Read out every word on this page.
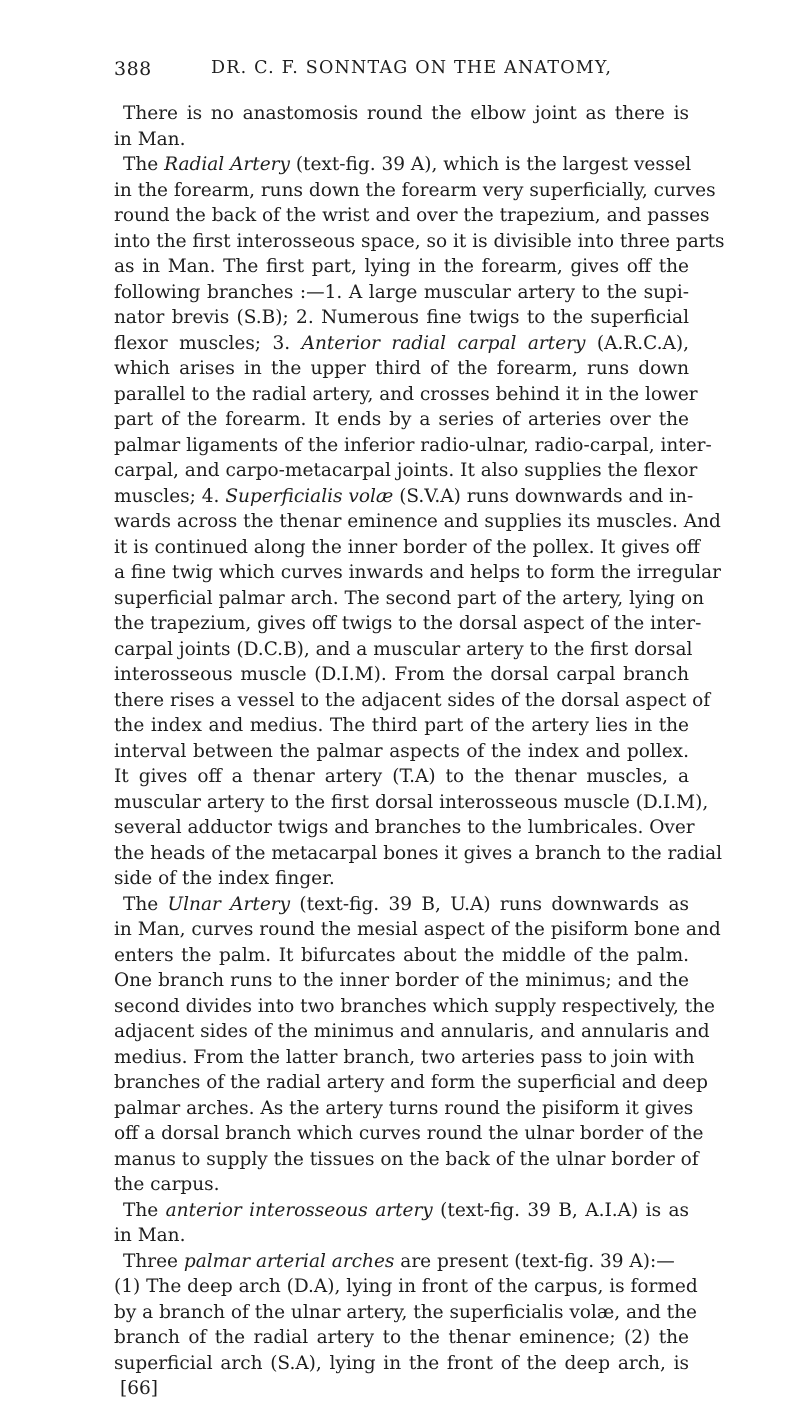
388	DR. C. F. SONNTAG ON THE ANATOMY,
There is no anastomosis round the elbow joint as there is
in Man.
The Radial Artery (text-fig. 39 A), which is the largest vessel
in the forearm, runs down the forearm very superficially, curves
round the back of the wrist and over the trapezium, and passes
into the first interosseous space, so it is divisible into three parts
as in Man. The first part, lying in the forearm, gives off the
following branches :—1. A large muscular artery to the supi-
nator brevis (S.B); 2. Numerous fine twigs to the superficial
flexor muscles; 3. Anterior radial carpal artery (A.R.C.A),
which arises in the upper third of the forearm, runs down
parallel to the radial artery, and crosses behind it in the lower
part of the forearm. It ends by a series of arteries over the
palmar ligaments of the inferior radio-ulnar, radio-carpal, inter-
carpal, and carpo-metacarpal joints. It also supplies the flexor
muscles; 4. Superficialis volæ (S.V.A) runs downwards and in-
wards across the thenar eminence and supplies its muscles. And
it is continued along the inner border of the pollex. It gives off
a fine twig which curves inwards and helps to form the irregular
superficial palmar arch. The second part of the artery, lying on
the trapezium, gives off twigs to the dorsal aspect of the inter-
carpal joints (D.C.B), and a muscular artery to the first dorsal
interosseous muscle (D.I.M). From the dorsal carpal branch
there rises a vessel to the adjacent sides of the dorsal aspect of
the index and medius. The third part of the artery lies in the
interval between the palmar aspects of the index and pollex.
It gives off a thenar artery (T.A) to the thenar muscles, a
muscular artery to the first dorsal interosseous muscle (D.I.M),
several adductor twigs and branches to the lumbricales. Over
the heads of the metacarpal bones it gives a branch to the radial
side of the index finger.
The Ulnar Artery (text-fig. 39 B, U.A) runs downwards as
in Man, curves round the mesial aspect of the pisiform bone and
enters the palm. It bifurcates about the middle of the palm.
One branch runs to the inner border of the minimus; and the
second divides into two branches which supply respectively, the
adjacent sides of the minimus and annularis, and annularis and
medius. From the latter branch, two arteries pass to join with
branches of the radial artery and form the superficial and deep
palmar arches. As the artery turns round the pisiform it gives
off a dorsal branch which curves round the ulnar border of the
manus to supply the tissues on the back of the ulnar border of
the carpus.
The anterior interosseous artery (text-fig. 39 B, A.I.A) is as
in Man.
Three palmar arterial arches are present (text-fig. 39 A):—
(1) The deep arch (D.A), lying in front of the carpus, is formed
by a branch of the ulnar artery, the superficialis volæ, and the
branch of the radial artery to the thenar eminence; (2) the
superficial arch (S.A), lying in the front of the deep arch, is
[66]
